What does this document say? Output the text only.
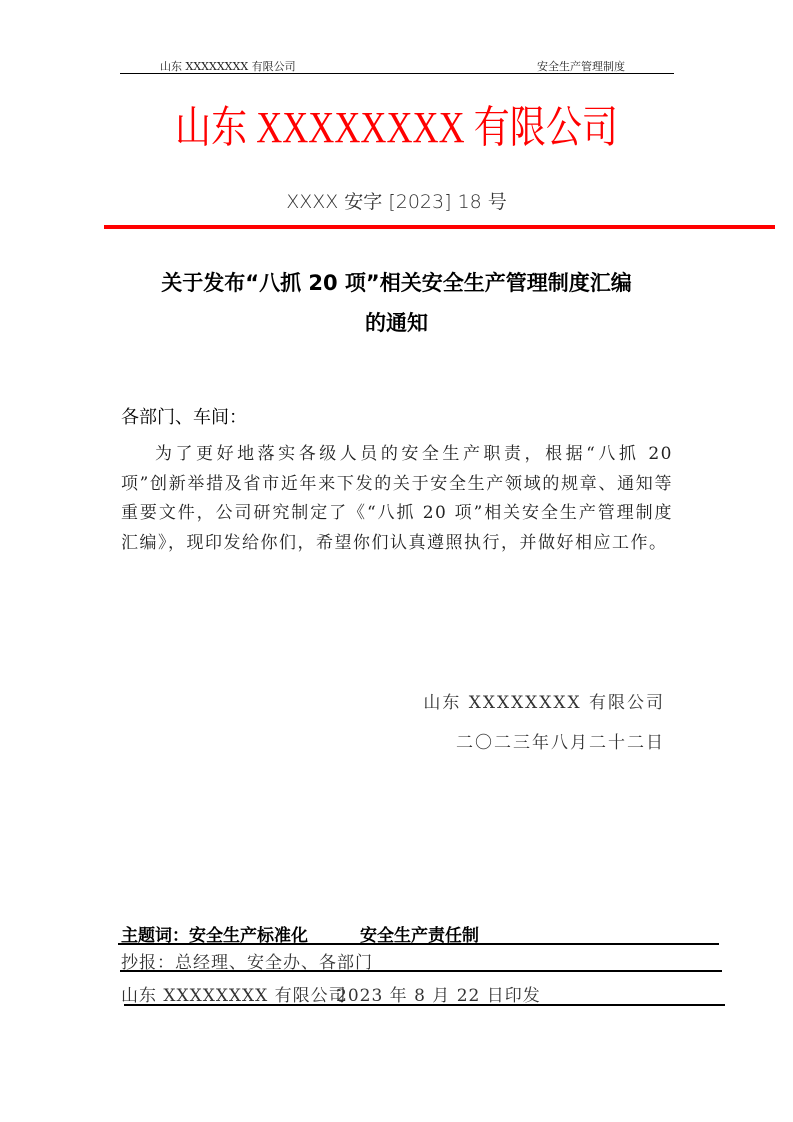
山东 XXXXXXXX 有限公司	安全生产管理制度
山东 XXXXXXXX 有限公司
XXXX 安字 [2023] 18 号
关于发布“八抓 20 项”相关安全生产管理制度汇编
的通知
各部门、车间：
为了更好地落实各级人员的安全生产职责，根据“八抓 20 项”创新举措及省市近年来下发的关于安全生产领域的规章、通知等重要文件，公司研究制定了《“八抓 20 项”相关安全生产管理制度汇编》，现印发给你们，希望你们认真遵照执行，并做好相应工作。
山东 XXXXXXXX 有限公司
二〇二三年八月二十二日
主题词：安全生产标准化	安全生产责任制
抄报：总经理、安全办、各部门
山东 XXXXXXXX 有限公司
2023 年 8 月 22 日印发
